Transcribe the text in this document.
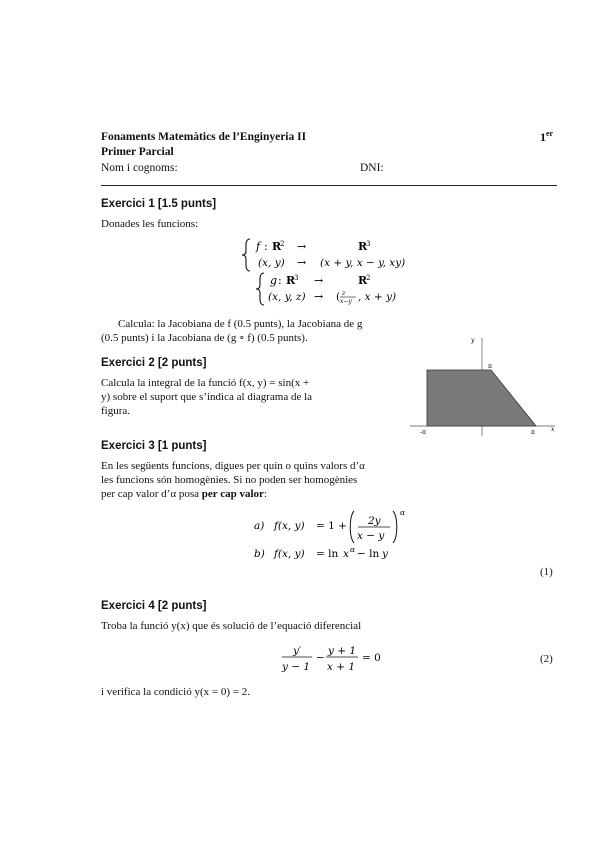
Fonaments Matemàtics de l’Enginyeria II
Primer Parcial
Nom i cognoms:	DNI:
1er
Exercici 1 [1.5 punts]
Donades les funcions:
f : R
2 →	R
3
(x, y) → (x + y, x − y, xy)
g : R
3 →	R
2
(x, y, z) → ( z
x−y , x + y)
Calcula: la Jacobiana de f (0.5 punts), la Jacobiana de g
(0.5 punts) i la Jacobiana de (g ∘ f) (0.5 punts).
Exercici 2 [2 punts]
Calcula la integral de la funció f(x, y) = sin(x +
y) sobre el suport que s’indica al diagrama de la
figura.
y
x
π
-π	π
Exercici 3 [1 punts]
En les següents funcions, digues per quin o quins valors d’α
les funcions són homogènies. Si no poden ser homogènies
per cap valor d’α posa per cap valor:
a) f(x, y) = 1 + 2y
x − y
α
b) f(x, y) = ln x α − ln y
(1)
Exercici 4 [2 punts]
Troba la funció y(x) que és solució de l’equació diferencial
y′
y − 1
−
y + 1
x + 1
= 0	(2)
i verifica la condició y(x = 0) = 2.
